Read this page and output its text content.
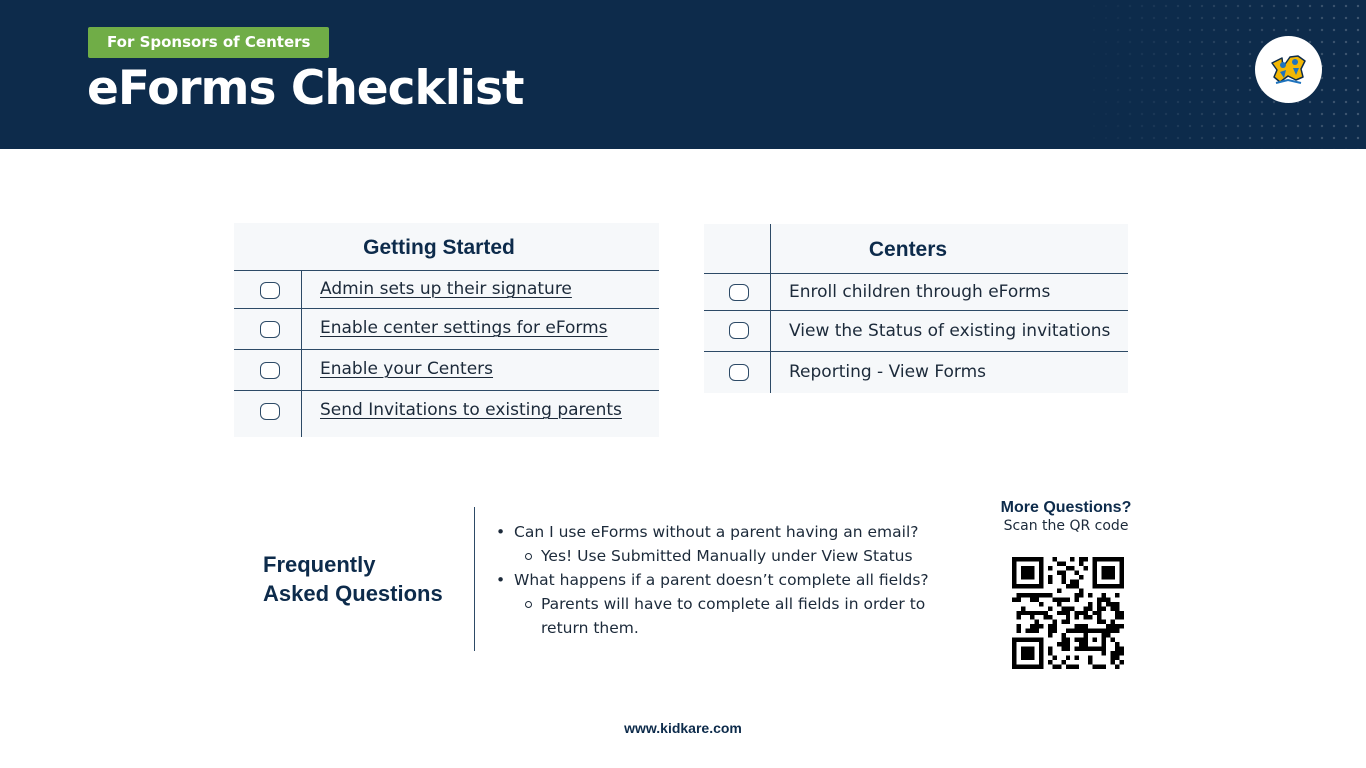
For Sponsors of Centers
eForms Checklist
Getting Started
Admin sets up their signature
Enable center settings for eForms
Enable your Centers
Send Invitations to existing parents
Centers
Enroll children through eForms
View the Status of existing invitations
Reporting - View Forms
Frequently
Asked Questions
• Can I use eForms without a parent having an email?
Yes! Use Submitted Manually under View Status
• What happens if a parent doesn’t complete all fields?
Parents will have to complete all fields in order to return them.
More Questions?
Scan the QR code
www.kidkare.com
